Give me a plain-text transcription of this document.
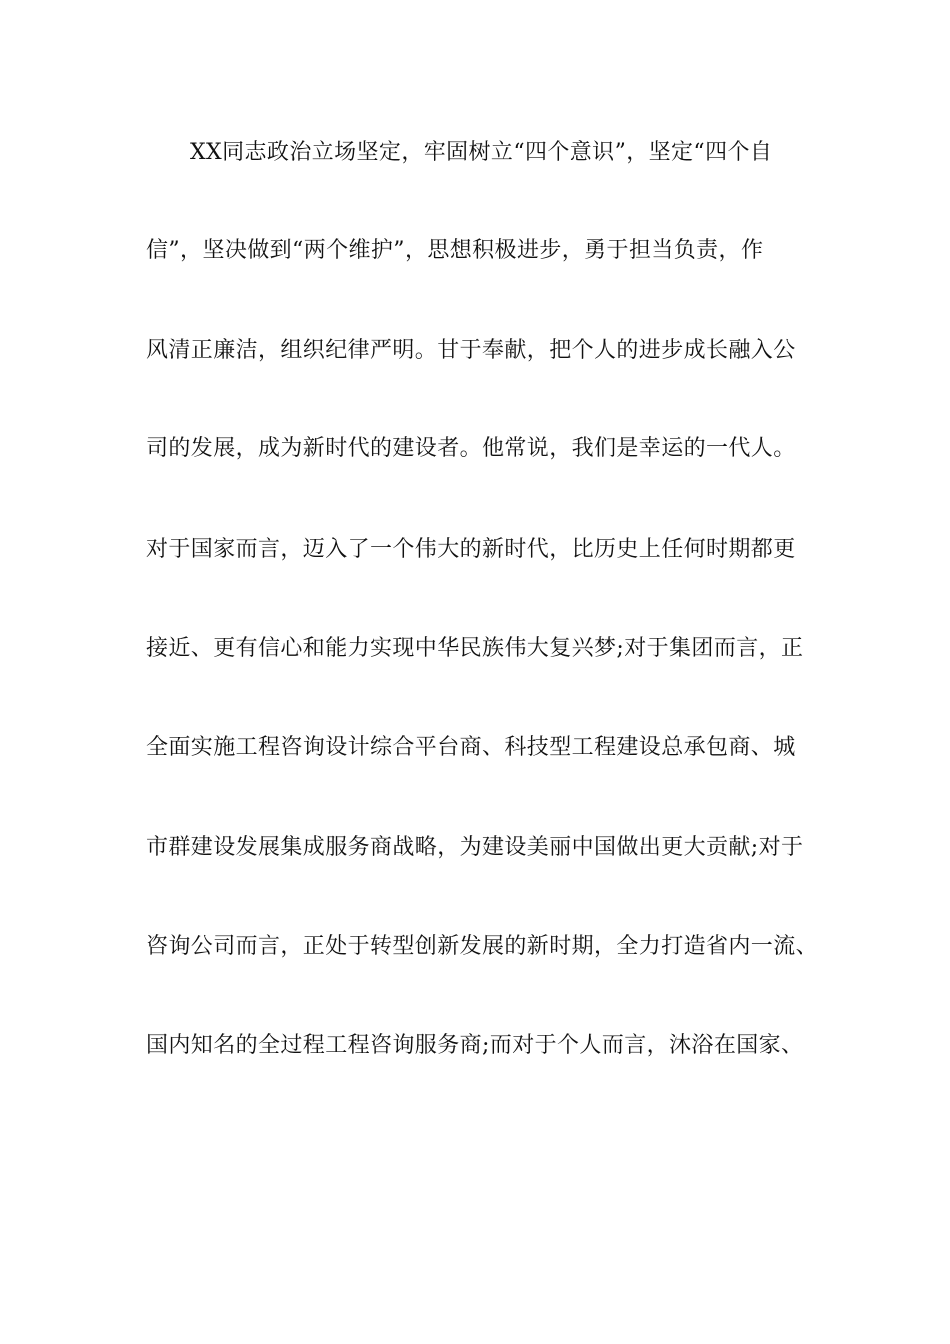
XX同志政治立场坚定，牢固树立“四个意识”，坚定“四个自
信”，坚决做到“两个维护”，思想积极进步，勇于担当负责，作
风清正廉洁，组织纪律严明。甘于奉献，把个人的进步成长融入公
司的发展，成为新时代的建设者。他常说，我们是幸运的一代人。
对于国家而言，迈入了一个伟大的新时代，比历史上任何时期都更
接近、更有信心和能力实现中华民族伟大复兴梦;对于集团而言，正
全面实施工程咨询设计综合平台商、科技型工程建设总承包商、城
市群建设发展集成服务商战略，为建设美丽中国做出更大贡献;对于
咨询公司而言，正处于转型创新发展的新时期，全力打造省内一流、
国内知名的全过程工程咨询服务商;而对于个人而言，沐浴在国家、
